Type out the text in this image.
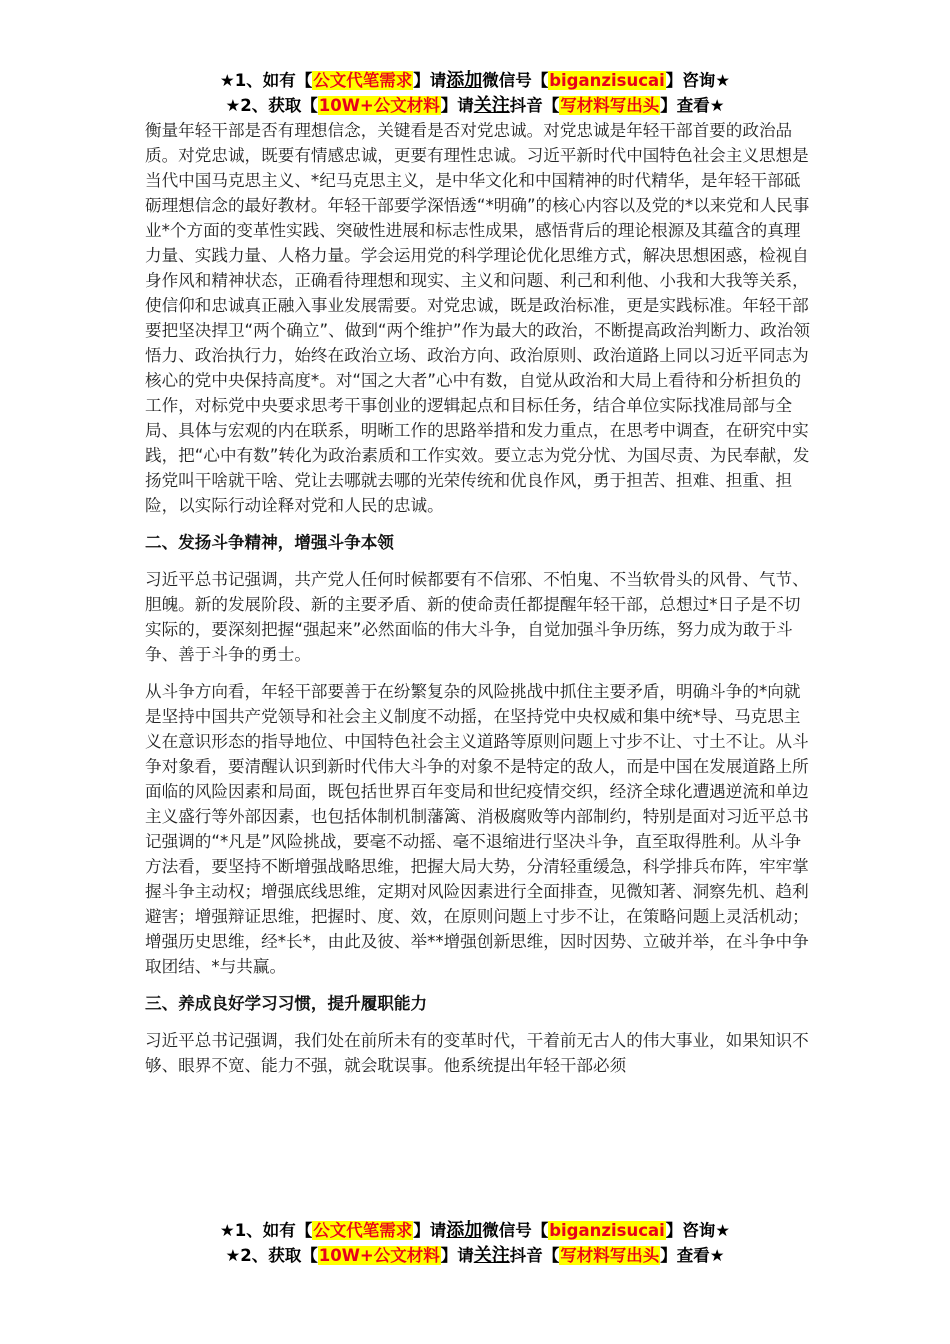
★1、如有【公文代笔需求】请添加微信号【biganzisucai】咨询★
★2、获取【10W+公文材料】请关注抖音【写材料写出头】查看★

衡量年轻干部是否有理想信念，关键看是否对党忠诚。对党忠诚是年轻干部首要的政治品质。对党忠诚，既要有情感忠诚，更要有理性忠诚。习近平新时代中国特色社会主义思想是当代中国马克思主义、*纪马克思主义，是中华文化和中国精神的时代精华，是年轻干部砥砺理想信念的最好教材。年轻干部要学深悟透“*明确”的核心内容以及党的*以来党和人民事业*个方面的变革性实践、突破性进展和标志性成果，感悟背后的理论根源及其蕴含的真理力量、实践力量、人格力量。学会运用党的科学理论优化思维方式，解决思想困惑，检视自身作风和精神状态，正确看待理想和现实、主义和问题、利己和利他、小我和大我等关系，使信仰和忠诚真正融入事业发展需要。对党忠诚，既是政治标准，更是实践标准。年轻干部要把坚决捍卫“两个确立”、做到“两个维护”作为最大的政治，不断提高政治判断力、政治领悟力、政治执行力，始终在政治立场、政治方向、政治原则、政治道路上同以习近平同志为核心的党中央保持高度*。对“国之大者”心中有数，自觉从政治和大局上看待和分析担负的工作，对标党中央要求思考干事创业的逻辑起点和目标任务，结合单位实际找准局部与全局、具体与宏观的内在联系，明晰工作的思路举措和发力重点，在思考中调查，在研究中实践，把“心中有数”转化为政治素质和工作实效。要立志为党分忧、为国尽责、为民奉献，发扬党叫干啥就干啥、党让去哪就去哪的光荣传统和优良作风，勇于担苦、担难、担重、担险，以实际行动诠释对党和人民的忠诚。

二、发扬斗争精神，增强斗争本领

习近平总书记强调，共产党人任何时候都要有不信邪、不怕鬼、不当软骨头的风骨、气节、胆魄。新的发展阶段、新的主要矛盾、新的使命责任都提醒年轻干部，总想过*日子是不切实际的，要深刻把握“强起来”必然面临的伟大斗争，自觉加强斗争历练，努力成为敢于斗争、善于斗争的勇士。

从斗争方向看，年轻干部要善于在纷繁复杂的风险挑战中抓住主要矛盾，明确斗争的*向就是坚持中国共产党领导和社会主义制度不动摇，在坚持党中央权威和集中统*导、马克思主义在意识形态的指导地位、中国特色社会主义道路等原则问题上寸步不让、寸土不让。从斗争对象看，要清醒认识到新时代伟大斗争的对象不是特定的敌人，而是中国在发展道路上所面临的风险因素和局面，既包括世界百年变局和世纪疫情交织，经济全球化遭遇逆流和单边主义盛行等外部因素，也包括体制机制藩篱、消极腐败等内部制约，特别是面对习近平总书记强调的“*凡是”风险挑战，要毫不动摇、毫不退缩进行坚决斗争，直至取得胜利。从斗争方法看，要坚持不断增强战略思维，把握大局大势，分清轻重缓急，科学排兵布阵，牢牢掌握斗争主动权；增强底线思维，定期对风险因素进行全面排查，见微知著、洞察先机、趋利避害；增强辩证思维，把握时、度、效，在原则问题上寸步不让，在策略问题上灵活机动；增强历史思维，经*长*，由此及彼、举**增强创新思维，因时因势、立破并举，在斗争中争取团结、*与共赢。

三、养成良好学习习惯，提升履职能力

习近平总书记强调，我们处在前所未有的变革时代，干着前无古人的伟大事业，如果知识不够、眼界不宽、能力不强，就会耽误事。他系统提出年轻干部必须

★1、如有【公文代笔需求】请添加微信号【biganzisucai】咨询★
★2、获取【10W+公文材料】请关注抖音【写材料写出头】查看★
